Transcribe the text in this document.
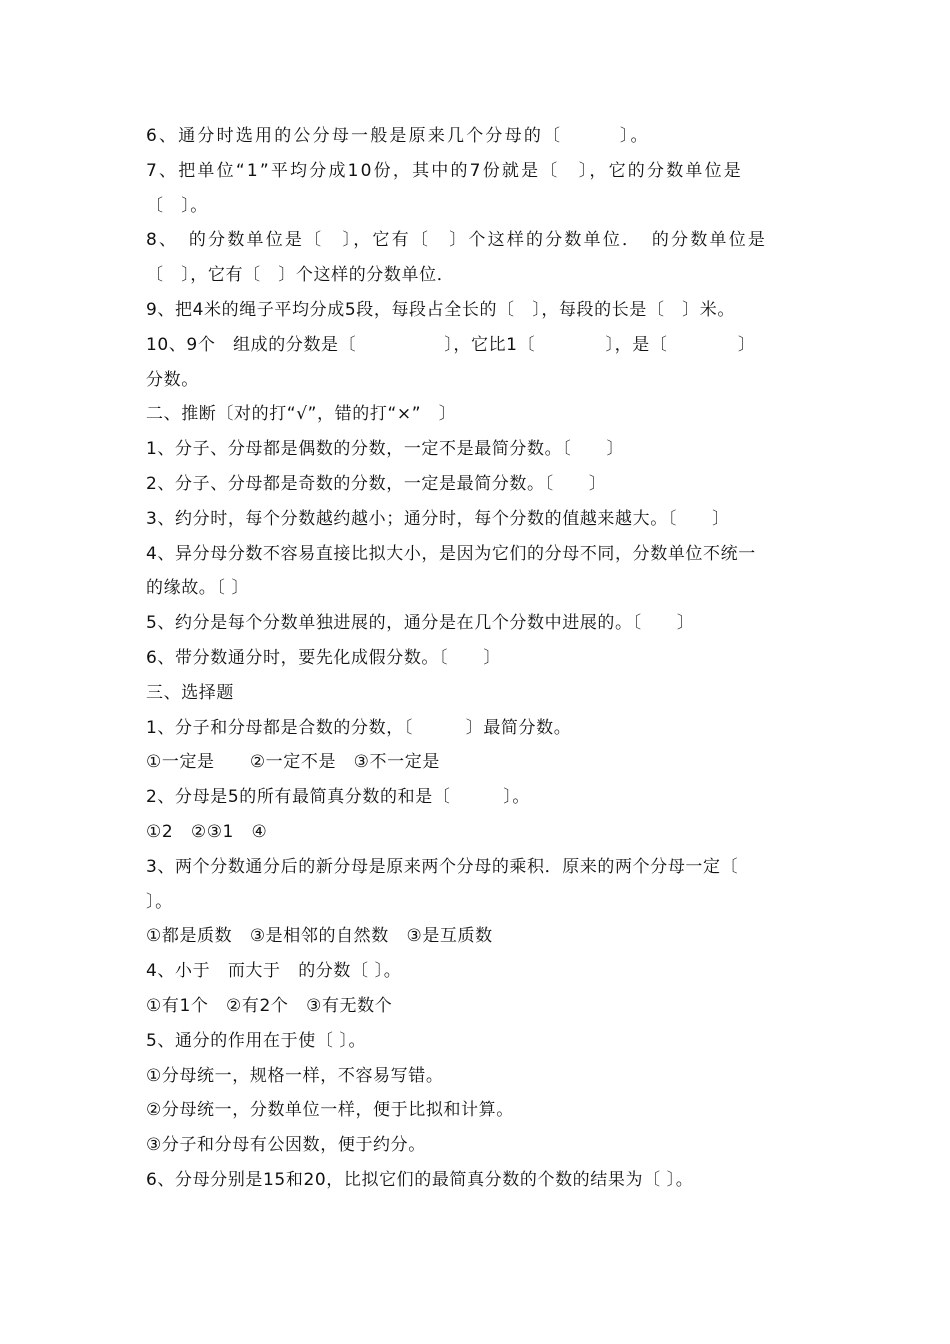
6、通分时选用的公分母一般是原来几个分母的〔　　　〕。
7、把单位“1”平均分成10份，其中的7份就是〔　〕，它的分数单位是
〔　〕。
8、　的分数单位是〔　〕，它有〔　〕个这样的分数单位．　的分数单位是
〔　〕，它有〔　〕个这样的分数单位．
9、把4米的绳子平均分成5段，每段占全长的〔　〕，每段的长是〔　〕米。
10、9个　组成的分数是〔　　　　　〕，它比1〔　　　　〕，是〔　　　　〕
分数。
二、推断〔对的打“√”，错的打“×”　〕
1、分子、分母都是偶数的分数，一定不是最简分数。〔　　〕
2、分子、分母都是奇数的分数，一定是最简分数。〔　　〕
3、约分时，每个分数越约越小；通分时，每个分数的值越来越大。〔　　〕
4、异分母分数不容易直接比拟大小，是因为它们的分母不同，分数单位不统一
的缘故。〔 〕
5、约分是每个分数单独进展的，通分是在几个分数中进展的。〔　　〕
6、带分数通分时，要先化成假分数。〔　　〕
三、选择题
1、分子和分母都是合数的分数，〔　　　〕最简分数。
①一定是　　②一定不是　③不一定是
2、分母是5的所有最简真分数的和是〔　　　〕。
①2　②③1　④
3、两个分数通分后的新分母是原来两个分母的乘积．原来的两个分母一定〔
〕。
①都是质数　③是相邻的自然数　③是互质数
4、小于　而大于　的分数〔 〕。
①有1个　②有2个　③有无数个
5、通分的作用在于使〔 〕。
①分母统一，规格一样，不容易写错。
②分母统一，分数单位一样，便于比拟和计算。
③分子和分母有公因数，便于约分。
6、分母分别是15和20，比拟它们的最简真分数的个数的结果为〔 〕。
